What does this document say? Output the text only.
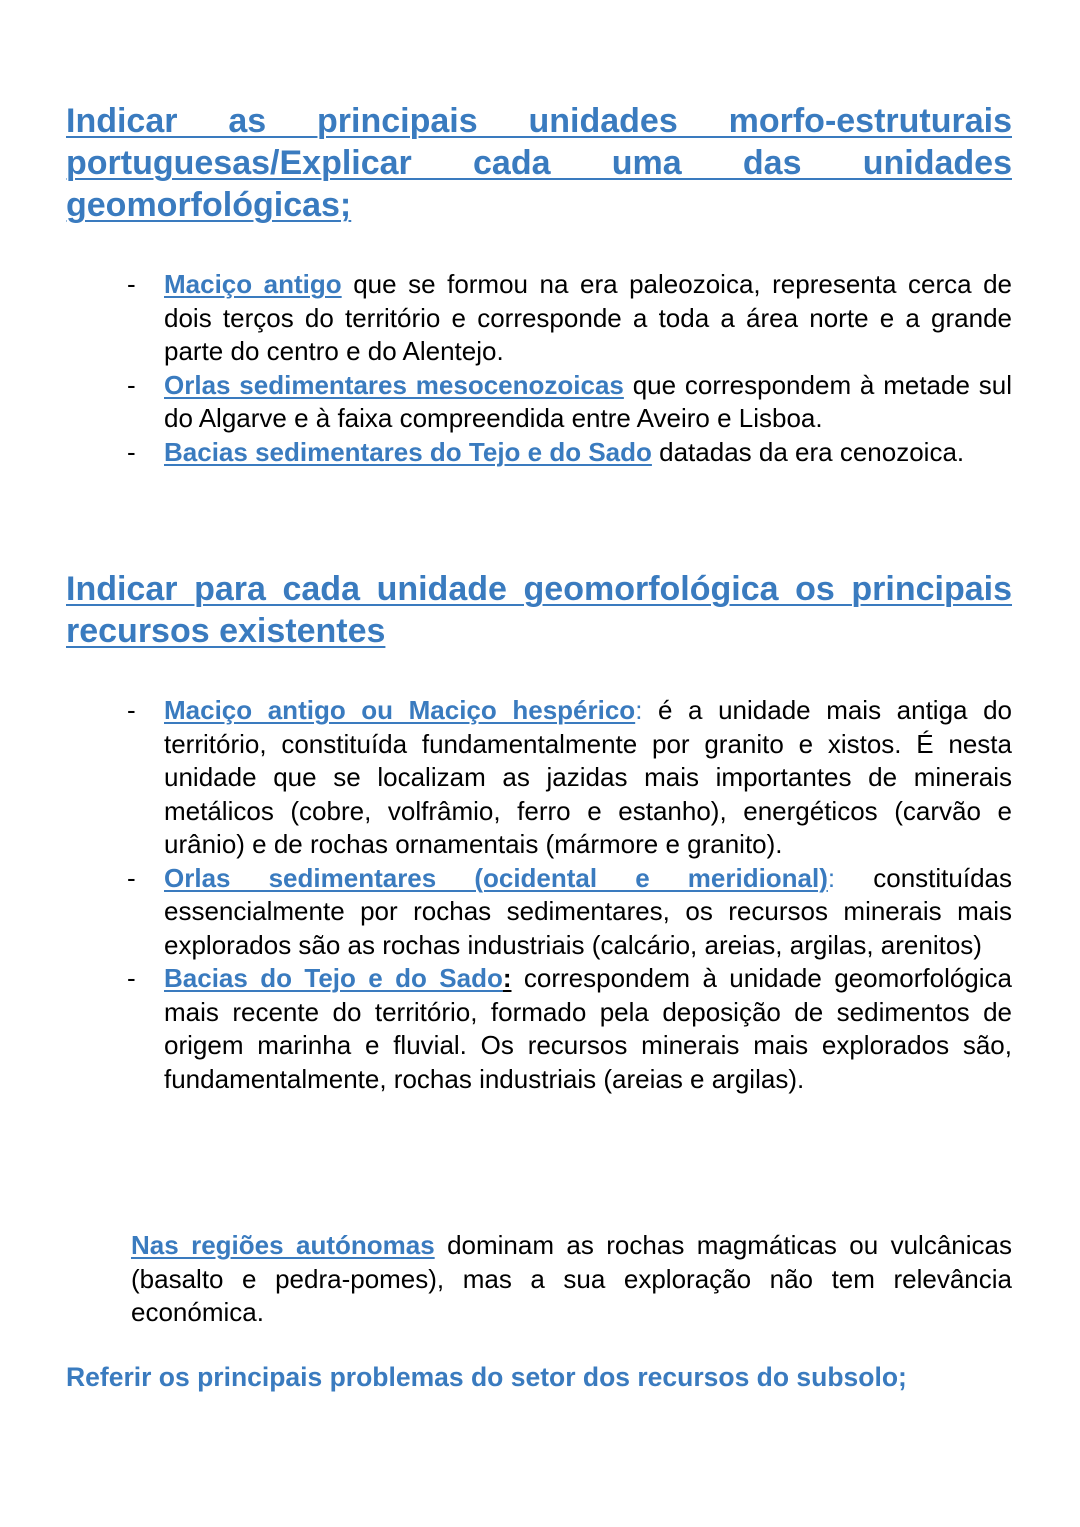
Indicar as principais unidades morfo-estruturais
portuguesas/Explicar cada uma das unidades
geomorfológicas;
- Maciço antigo que se formou na era paleozoica, representa cerca de dois terços do território e corresponde a toda a área norte e a grande parte do centro e do Alentejo.
- Orlas sedimentares mesocenozoicas que correspondem à metade sul do Algarve e à faixa compreendida entre Aveiro e Lisboa.
- Bacias sedimentares do Tejo e do Sado datadas da era cenozoica.
Indicar para cada unidade geomorfológica os principais
recursos existentes
- Maciço antigo ou Maciço hespérico: é a unidade mais antiga do território, constituída fundamentalmente por granito e xistos. É nesta unidade que se localizam as jazidas mais importantes de minerais metálicos (cobre, volfrâmio, ferro e estanho), energéticos (carvão e urânio) e de rochas ornamentais (mármore e granito).
- Orlas sedimentares (ocidental e meridional): constituídas essencialmente por rochas sedimentares, os recursos minerais mais explorados são as rochas industriais (calcário, areias, argilas, arenitos)
- Bacias do Tejo e do Sado: correspondem à unidade geomorfológica mais recente do território, formado pela deposição de sedimentos de origem marinha e fluvial. Os recursos minerais mais explorados são, fundamentalmente, rochas industriais (areias e argilas).
Nas regiões autónomas dominam as rochas magmáticas ou vulcânicas (basalto e pedra-pomes), mas a sua exploração não tem relevância económica.
Referir os principais problemas do setor dos recursos do subsolo;
